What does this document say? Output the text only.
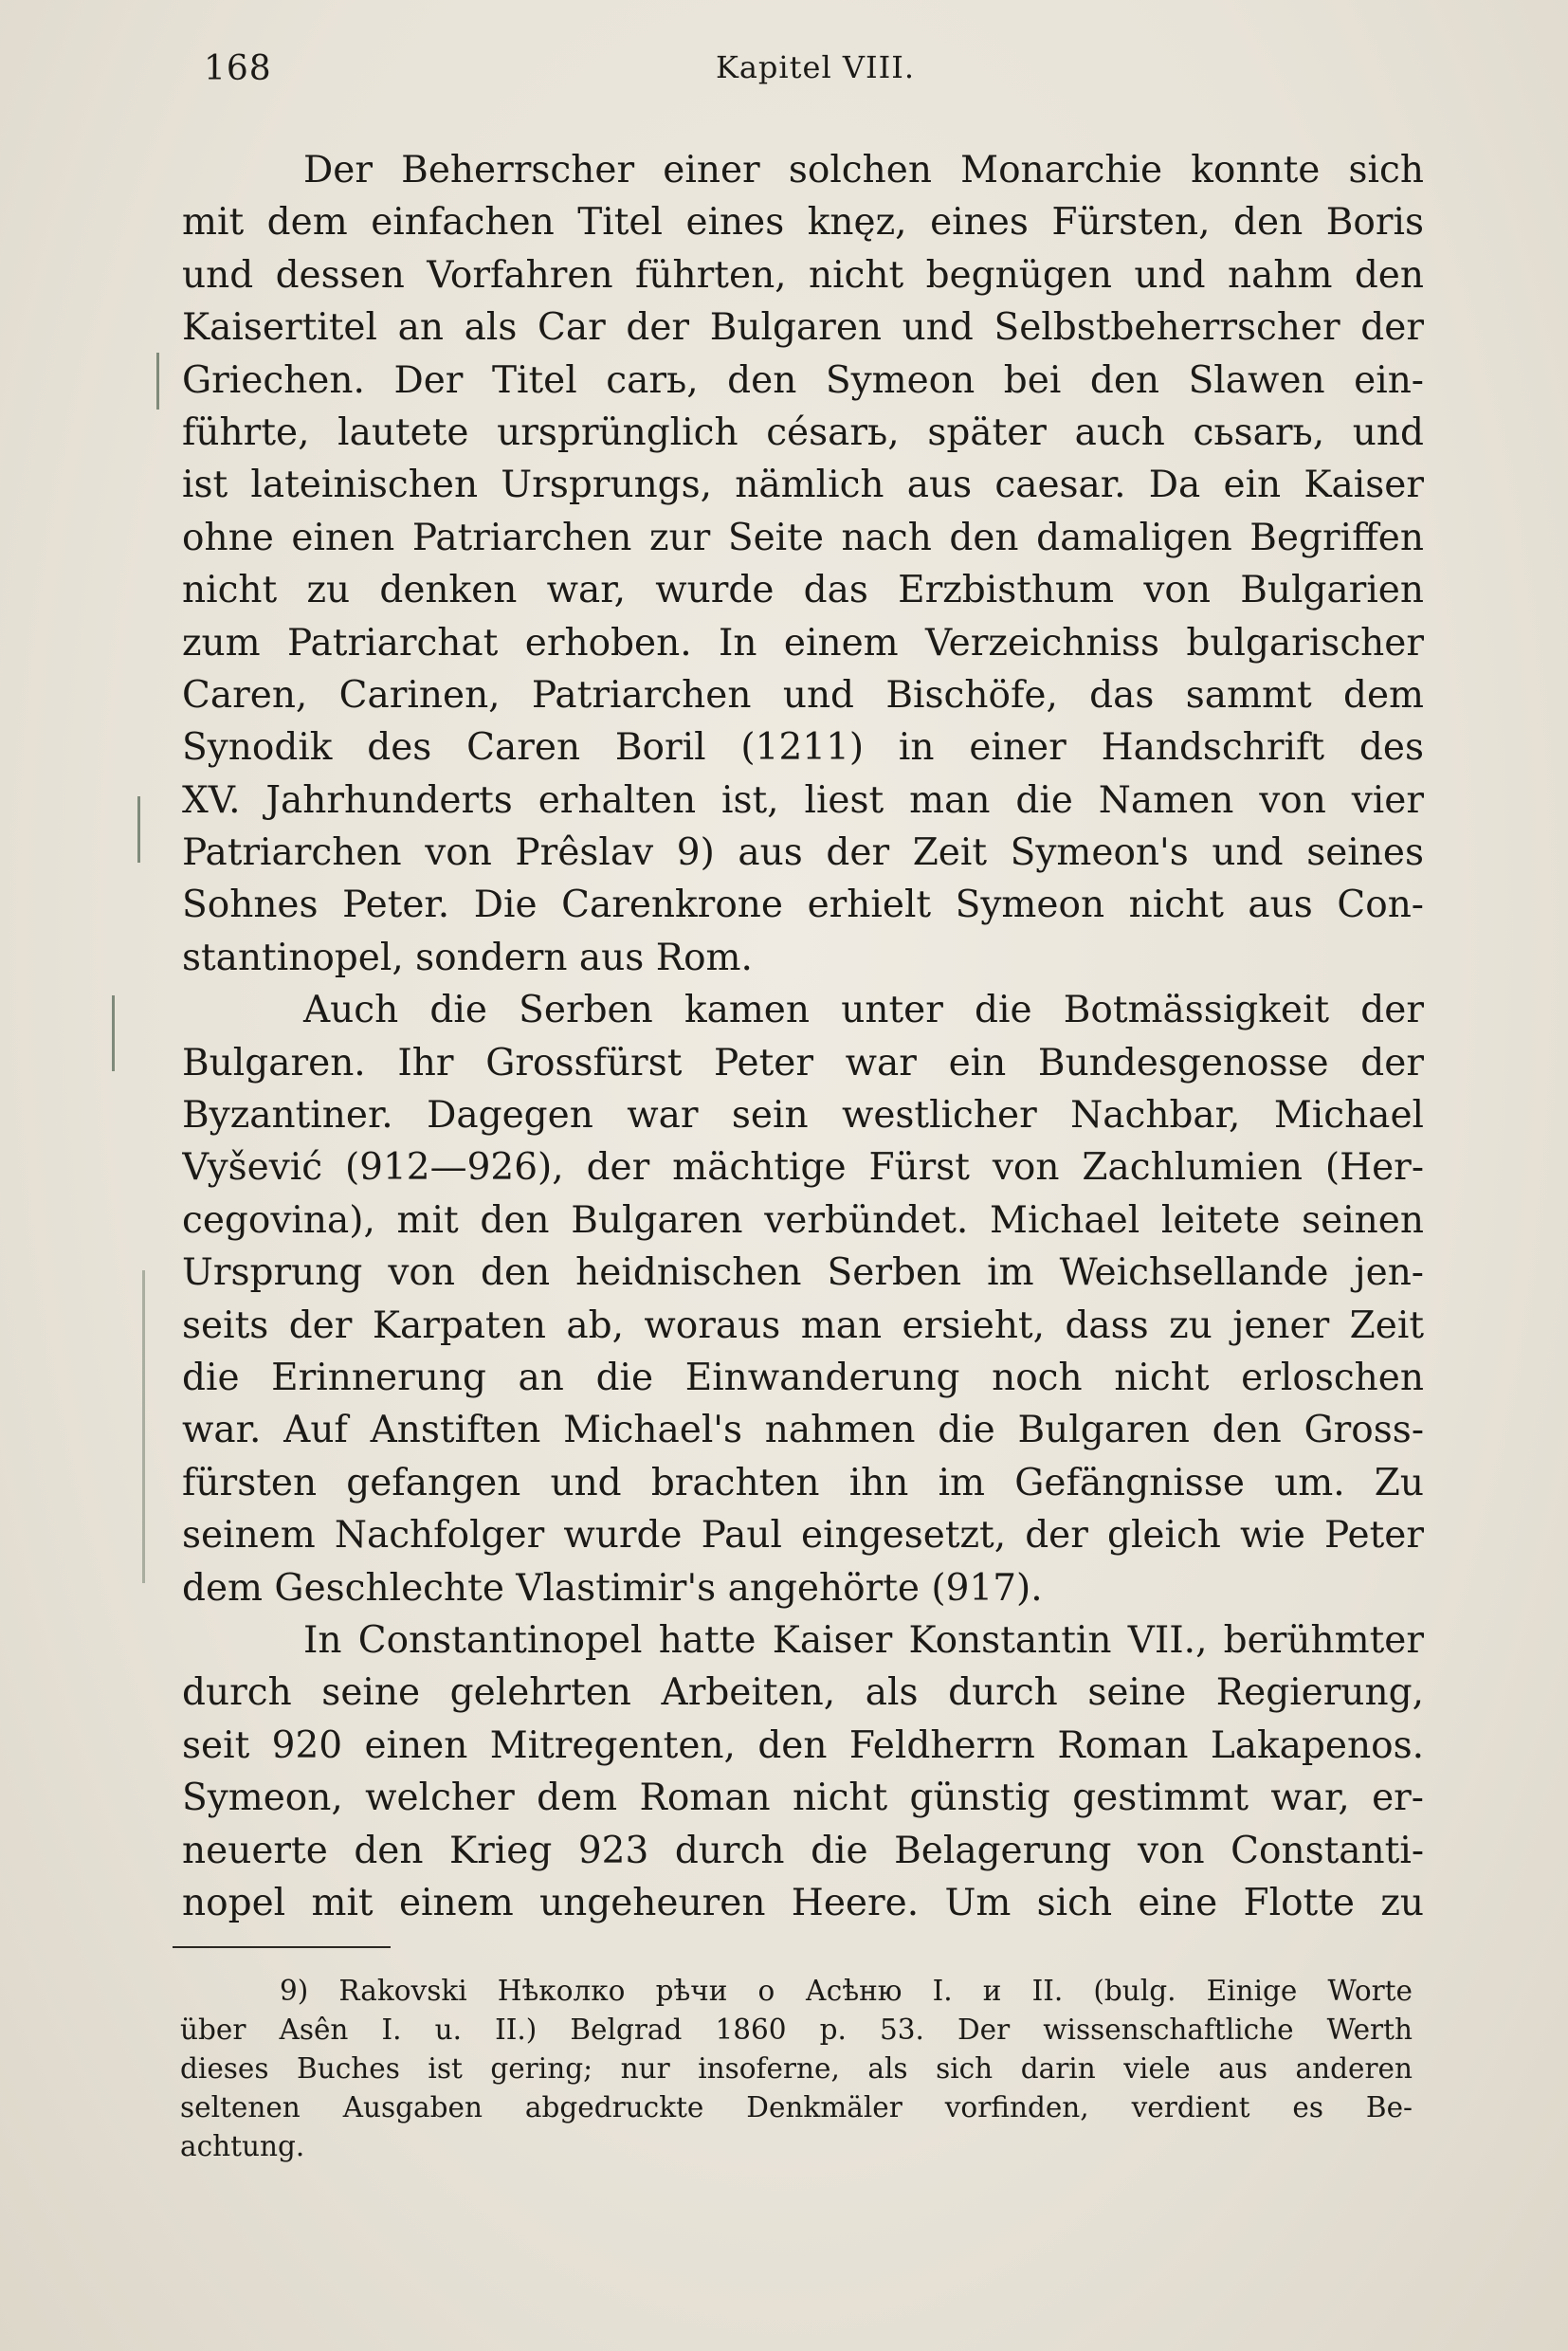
168	Kapitel VIII.
Der Beherrscher einer solchen Monarchie konnte sich
mit dem einfachen Titel eines knęz, eines Fürsten, den Boris
und dessen Vorfahren führten, nicht begnügen und nahm den
Kaisertitel an als Car der Bulgaren und Selbstbeherrscher der
Griechen. Der Titel carь, den Symeon bei den Slawen ein-
führte, lautete ursprünglich césarь, später auch cьsarь, und
ist lateinischen Ursprungs, nämlich aus caesar. Da ein Kaiser
ohne einen Patriarchen zur Seite nach den damaligen Begriffen
nicht zu denken war, wurde das Erzbisthum von Bulgarien
zum Patriarchat erhoben. In einem Verzeichniss bulgarischer
Caren, Carinen, Patriarchen und Bischöfe, das sammt dem
Synodik des Caren Boril (1211) in einer Handschrift des
XV. Jahrhunderts erhalten ist, liest man die Namen von vier
Patriarchen von Prêslav 9) aus der Zeit Symeon's und seines
Sohnes Peter. Die Carenkrone erhielt Symeon nicht aus Con-
stantinopel, sondern aus Rom.
Auch die Serben kamen unter die Botmässigkeit der
Bulgaren. Ihr Grossfürst Peter war ein Bundesgenosse der
Byzantiner. Dagegen war sein westlicher Nachbar, Michael
Vyšević (912—926), der mächtige Fürst von Zachlumien (Her-
cegovina), mit den Bulgaren verbündet. Michael leitete seinen
Ursprung von den heidnischen Serben im Weichsellande jen-
seits der Karpaten ab, woraus man ersieht, dass zu jener Zeit
die Erinnerung an die Einwanderung noch nicht erloschen
war. Auf Anstiften Michael's nahmen die Bulgaren den Gross-
fürsten gefangen und brachten ihn im Gefängnisse um. Zu
seinem Nachfolger wurde Paul eingesetzt, der gleich wie Peter
dem Geschlechte Vlastimir's angehörte (917).
In Constantinopel hatte Kaiser Konstantin VII., berühmter
durch seine gelehrten Arbeiten, als durch seine Regierung,
seit 920 einen Mitregenten, den Feldherrn Roman Lakapenos.
Symeon, welcher dem Roman nicht günstig gestimmt war, er-
neuerte den Krieg 923 durch die Belagerung von Constanti-
nopel mit einem ungeheuren Heere. Um sich eine Flotte zu
9) Rakovski Нѣколко рѣчи о Асѣню I. и II. (bulg. Einige Worte
über Asên I. u. II.) Belgrad 1860 p. 53. Der wissenschaftliche Werth
dieses Buches ist gering; nur insoferne, als sich darin viele aus anderen
seltenen Ausgaben abgedruckte Denkmäler vorfinden, verdient es Be-
achtung.
